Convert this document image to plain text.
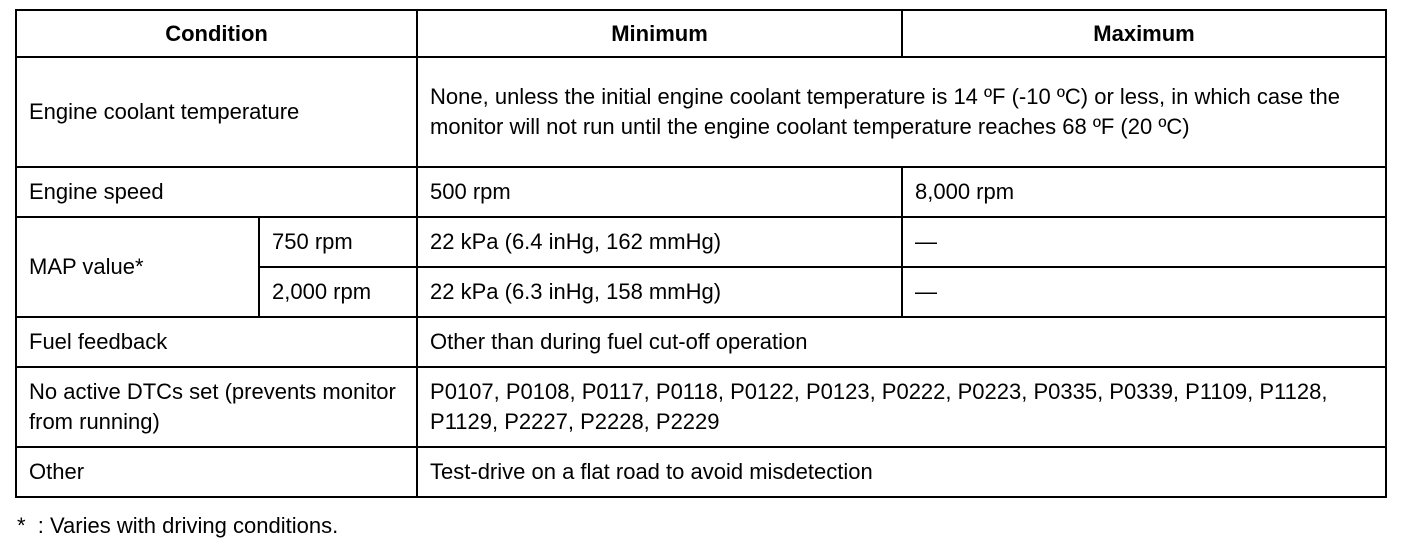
Condition		Minimum	Maximum
Engine coolant temperature		None, unless the initial engine coolant temperature is 14 ºF (-10 ºC) or less, in which case the monitor will not run until the engine coolant temperature reaches 68 ºF (20 ºC)	
Engine speed		500 rpm	8,000 rpm
MAP value*	750 rpm	22 kPa (6.4 inHg, 162 mmHg)	—
	2,000 rpm	22 kPa (6.3 inHg, 158 mmHg)	—
Fuel feedback		Other than during fuel cut-off operation	
No active DTCs set (prevents monitor from running)		P0107, P0108, P0117, P0118, P0122, P0123, P0222, P0223, P0335, P0339, P1109, P1128, P1129, P2227, P2228, P2229	
Other		Test-drive on a flat road to avoid misdetection	
*  : Varies with driving conditions.
